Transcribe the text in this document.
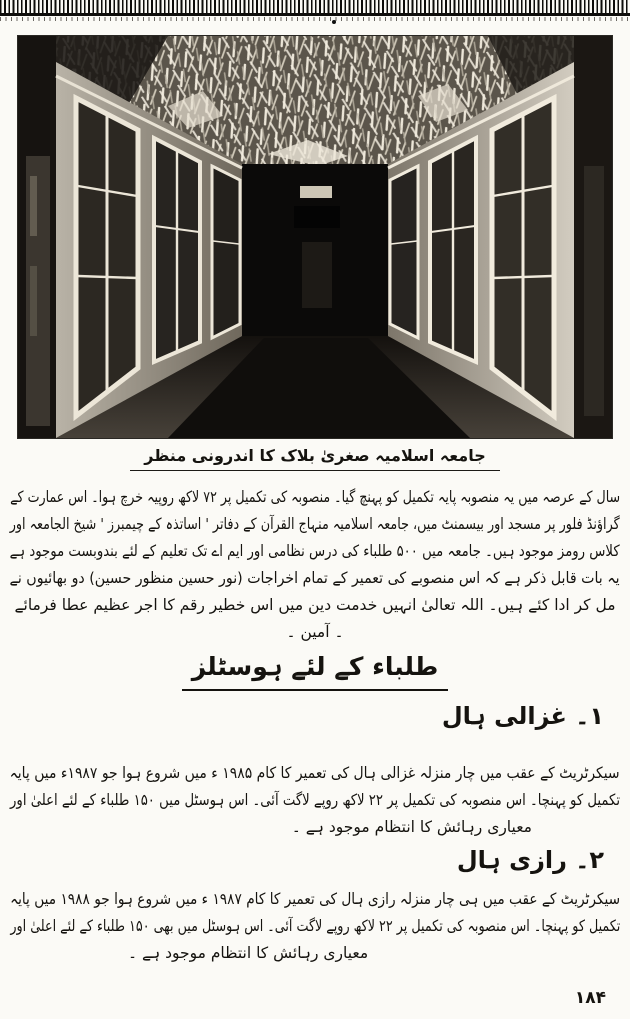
جامعہ اسلامیہ صغریٰ بلاک کا اندرونی منظر
سال کے عرصہ میں یہ منصوبہ پایہ تکمیل کو پہنچ گیا۔ منصوبہ کی تکمیل پر ۷۲ لاکھ روپیہ خرچ ہوا۔ اس عمارت کے
گراؤنڈ فلور پر مسجد اور بیسمنٹ میں، جامعہ اسلامیہ منہاج القرآن کے دفاتر ' اساتذہ کے چیمبرز ' شیخ الجامعہ اور
کلاس رومز موجود ہیں۔ جامعہ میں ۵۰۰ طلباء کی درس نظامی اور ایم اے تک تعلیم کے لئے بندوبست موجود ہے
یہ بات قابل ذکر ہے کہ اس منصوبے کی تعمیر کے تمام اخراجات (نور حسین منظور حسین) دو بھائیوں نے
مل کر ادا کئے ہیں۔ اللہ تعالیٰ انہیں خدمت دین میں اس خطیر رقم کا اجر عظیم عطا فرمائے ۔ آمین ۔
طلباء کے لئے ہوسٹلز
۱۔ غزالی ہال
سیکرٹریٹ کے عقب میں چار منزلہ غزالی ہال کی تعمیر کا کام ۱۹۸۵ ء میں شروع ہوا جو ۱۹۸۷ء میں پایہ
تکمیل کو پہنچا۔ اس منصوبہ کی تکمیل پر ۲۲ لاکھ روپے لاگت آئی۔ اس ہوسٹل میں ۱۵۰ طلباء کے لئے اعلیٰ اور
معیاری رہائش کا انتظام موجود ہے ۔
۲۔ رازی ہال
سیکرٹریٹ کے عقب میں ہی چار منزلہ رازی ہال کی تعمیر کا کام ۱۹۸۷ ء میں شروع ہوا جو ۱۹۸۸ میں پایہ
تکمیل کو پہنچا۔ اس منصوبہ کی تکمیل پر ۲۲ لاکھ روپے لاگت آئی۔ اس ہوسٹل میں بھی ۱۵۰ طلباء کے لئے اعلیٰ اور
معیاری رہائش کا انتظام موجود ہے ۔
۱۸۴
